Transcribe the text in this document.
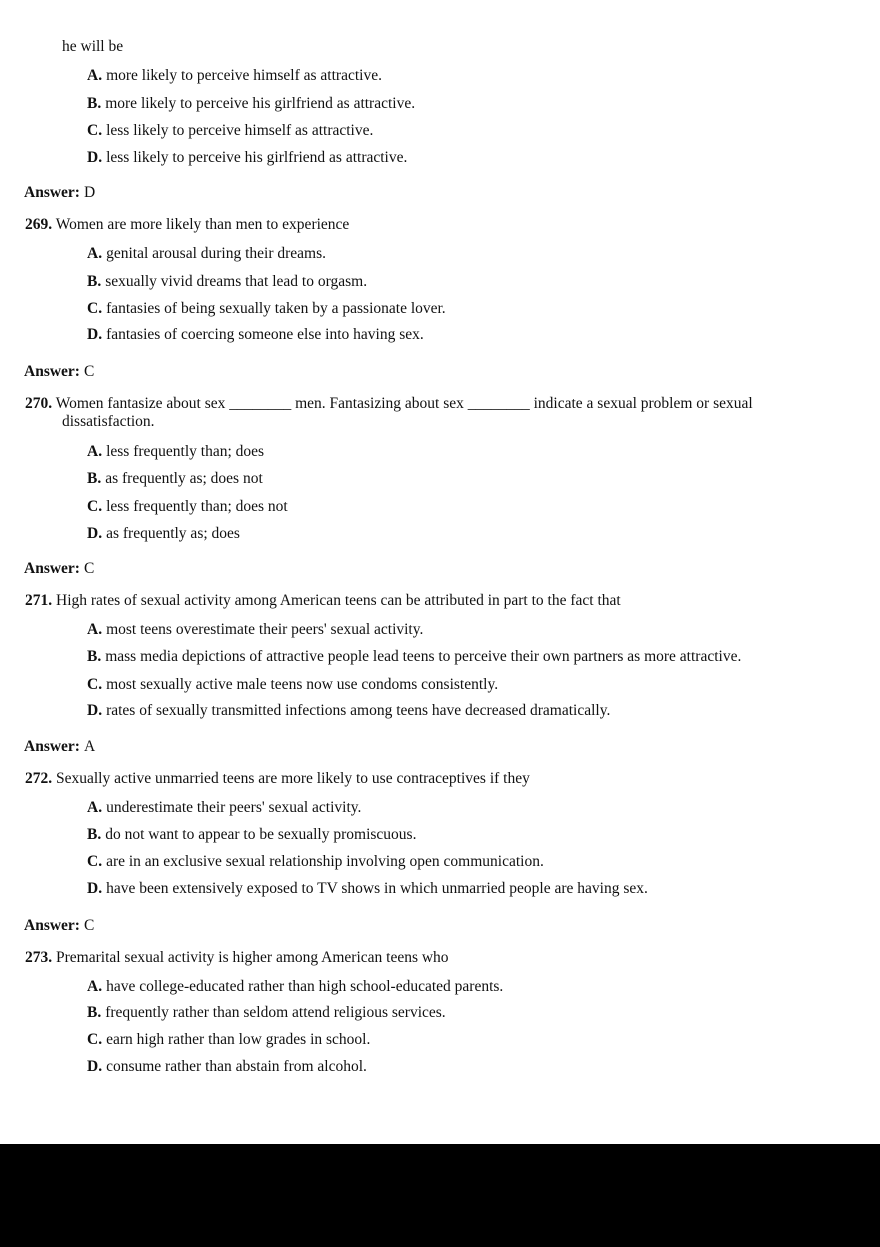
he will be
A. more likely to perceive himself as attractive.
B. more likely to perceive his girlfriend as attractive.
C. less likely to perceive himself as attractive.
D. less likely to perceive his girlfriend as attractive.
Answer: D
269. Women are more likely than men to experience
A. genital arousal during their dreams.
B. sexually vivid dreams that lead to orgasm.
C. fantasies of being sexually taken by a passionate lover.
D. fantasies of coercing someone else into having sex.
Answer: C
270. Women fantasize about sex ________ men. Fantasizing about sex ________ indicate a sexual problem or sexual
dissatisfaction.
A. less frequently than; does
B. as frequently as; does not
C. less frequently than; does not
D. as frequently as; does
Answer: C
271. High rates of sexual activity among American teens can be attributed in part to the fact that
A. most teens overestimate their peers' sexual activity.
B. mass media depictions of attractive people lead teens to perceive their own partners as more attractive.
C. most sexually active male teens now use condoms consistently.
D. rates of sexually transmitted infections among teens have decreased dramatically.
Answer: A
272. Sexually active unmarried teens are more likely to use contraceptives if they
A. underestimate their peers' sexual activity.
B. do not want to appear to be sexually promiscuous.
C. are in an exclusive sexual relationship involving open communication.
D. have been extensively exposed to TV shows in which unmarried people are having sex.
Answer: C
273. Premarital sexual activity is higher among American teens who
A. have college-educated rather than high school-educated parents.
B. frequently rather than seldom attend religious services.
C. earn high rather than low grades in school.
D. consume rather than abstain from alcohol.
